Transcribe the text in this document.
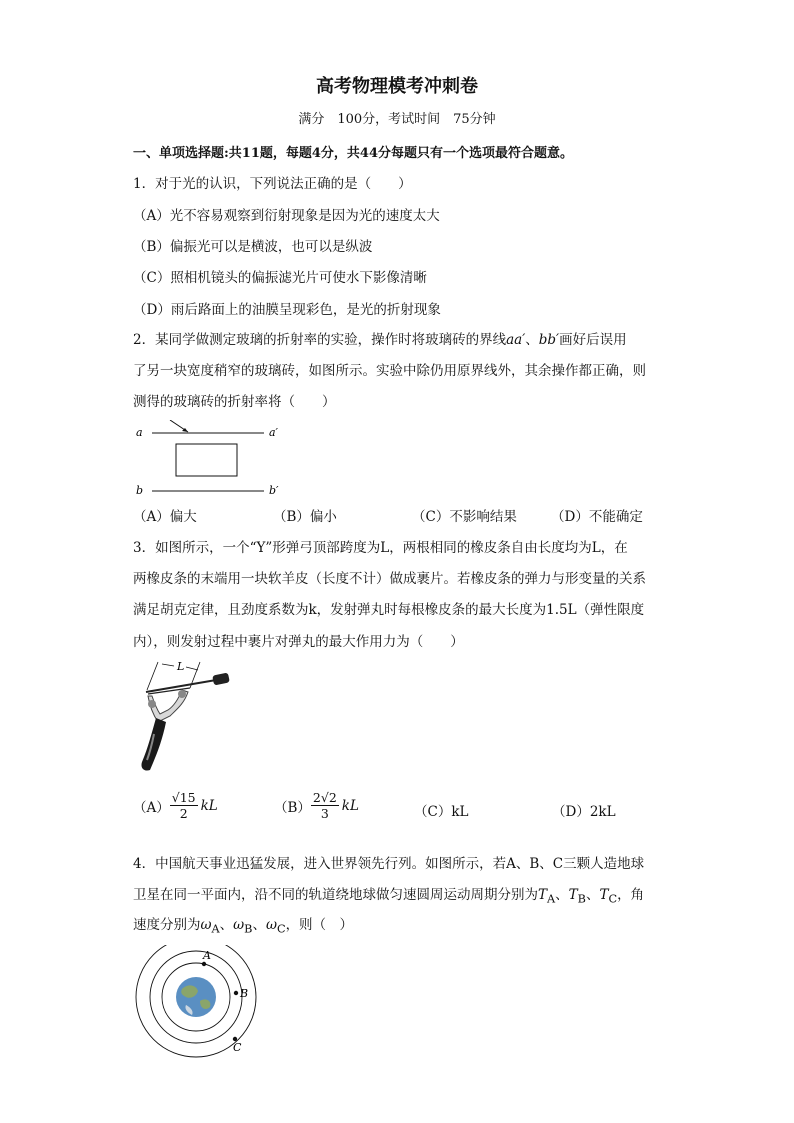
高考物理模考冲刺卷
满分　100分，考试时间　75分钟
一、单项选择题:共11题，每题4分，共44分每题只有一个选项最符合题意。
1．对于光的认识，下列说法正确的是（　　）
（A）光不容易观察到衍射现象是因为光的速度太大
（B）偏振光可以是横波，也可以是纵波
（C）照相机镜头的偏振滤光片可使水下影像清晰
（D）雨后路面上的油膜呈现彩色，是光的折射现象
2．某同学做测定玻璃的折射率的实验，操作时将玻璃砖的界线aa′、bb′画好后误用
了另一块宽度稍窄的玻璃砖，如图所示。实验中除仍用原界线外，其余操作都正确，则
测得的玻璃砖的折射率将（　　）
a	a′
b	b′
（A）偏大	（B）偏小	（C）不影响结果	（D）不能确定
3．如图所示，一个“Y”形弹弓顶部跨度为L，两根相同的橡皮条自由长度均为L，在
两橡皮条的末端用一块软羊皮（长度不计）做成裹片。若橡皮条的弹力与形变量的关系
满足胡克定律，且劲度系数为k，发射弹丸时每根橡皮条的最大长度为1.5L（弹性限度
内），则发射过程中裹片对弹丸的最大作用力为（　　）
L
$(A) \frac{√15}{2}$ kL	$(B) \frac{2√2}{3}$ kL	（C）kL	（D）2kL
4．中国航天事业迅猛发展，进入世界领先行列。如图所示，若A、B、C三颗人造地球
卫星在同一平面内，沿不同的轨道绕地球做匀速圆周运动周期分别为$T_A$、$T_B$、$T_C$，角
速度分别为$\omega_A$、$\omega_B$、$\omega_C$，则（　）
A
B
C
